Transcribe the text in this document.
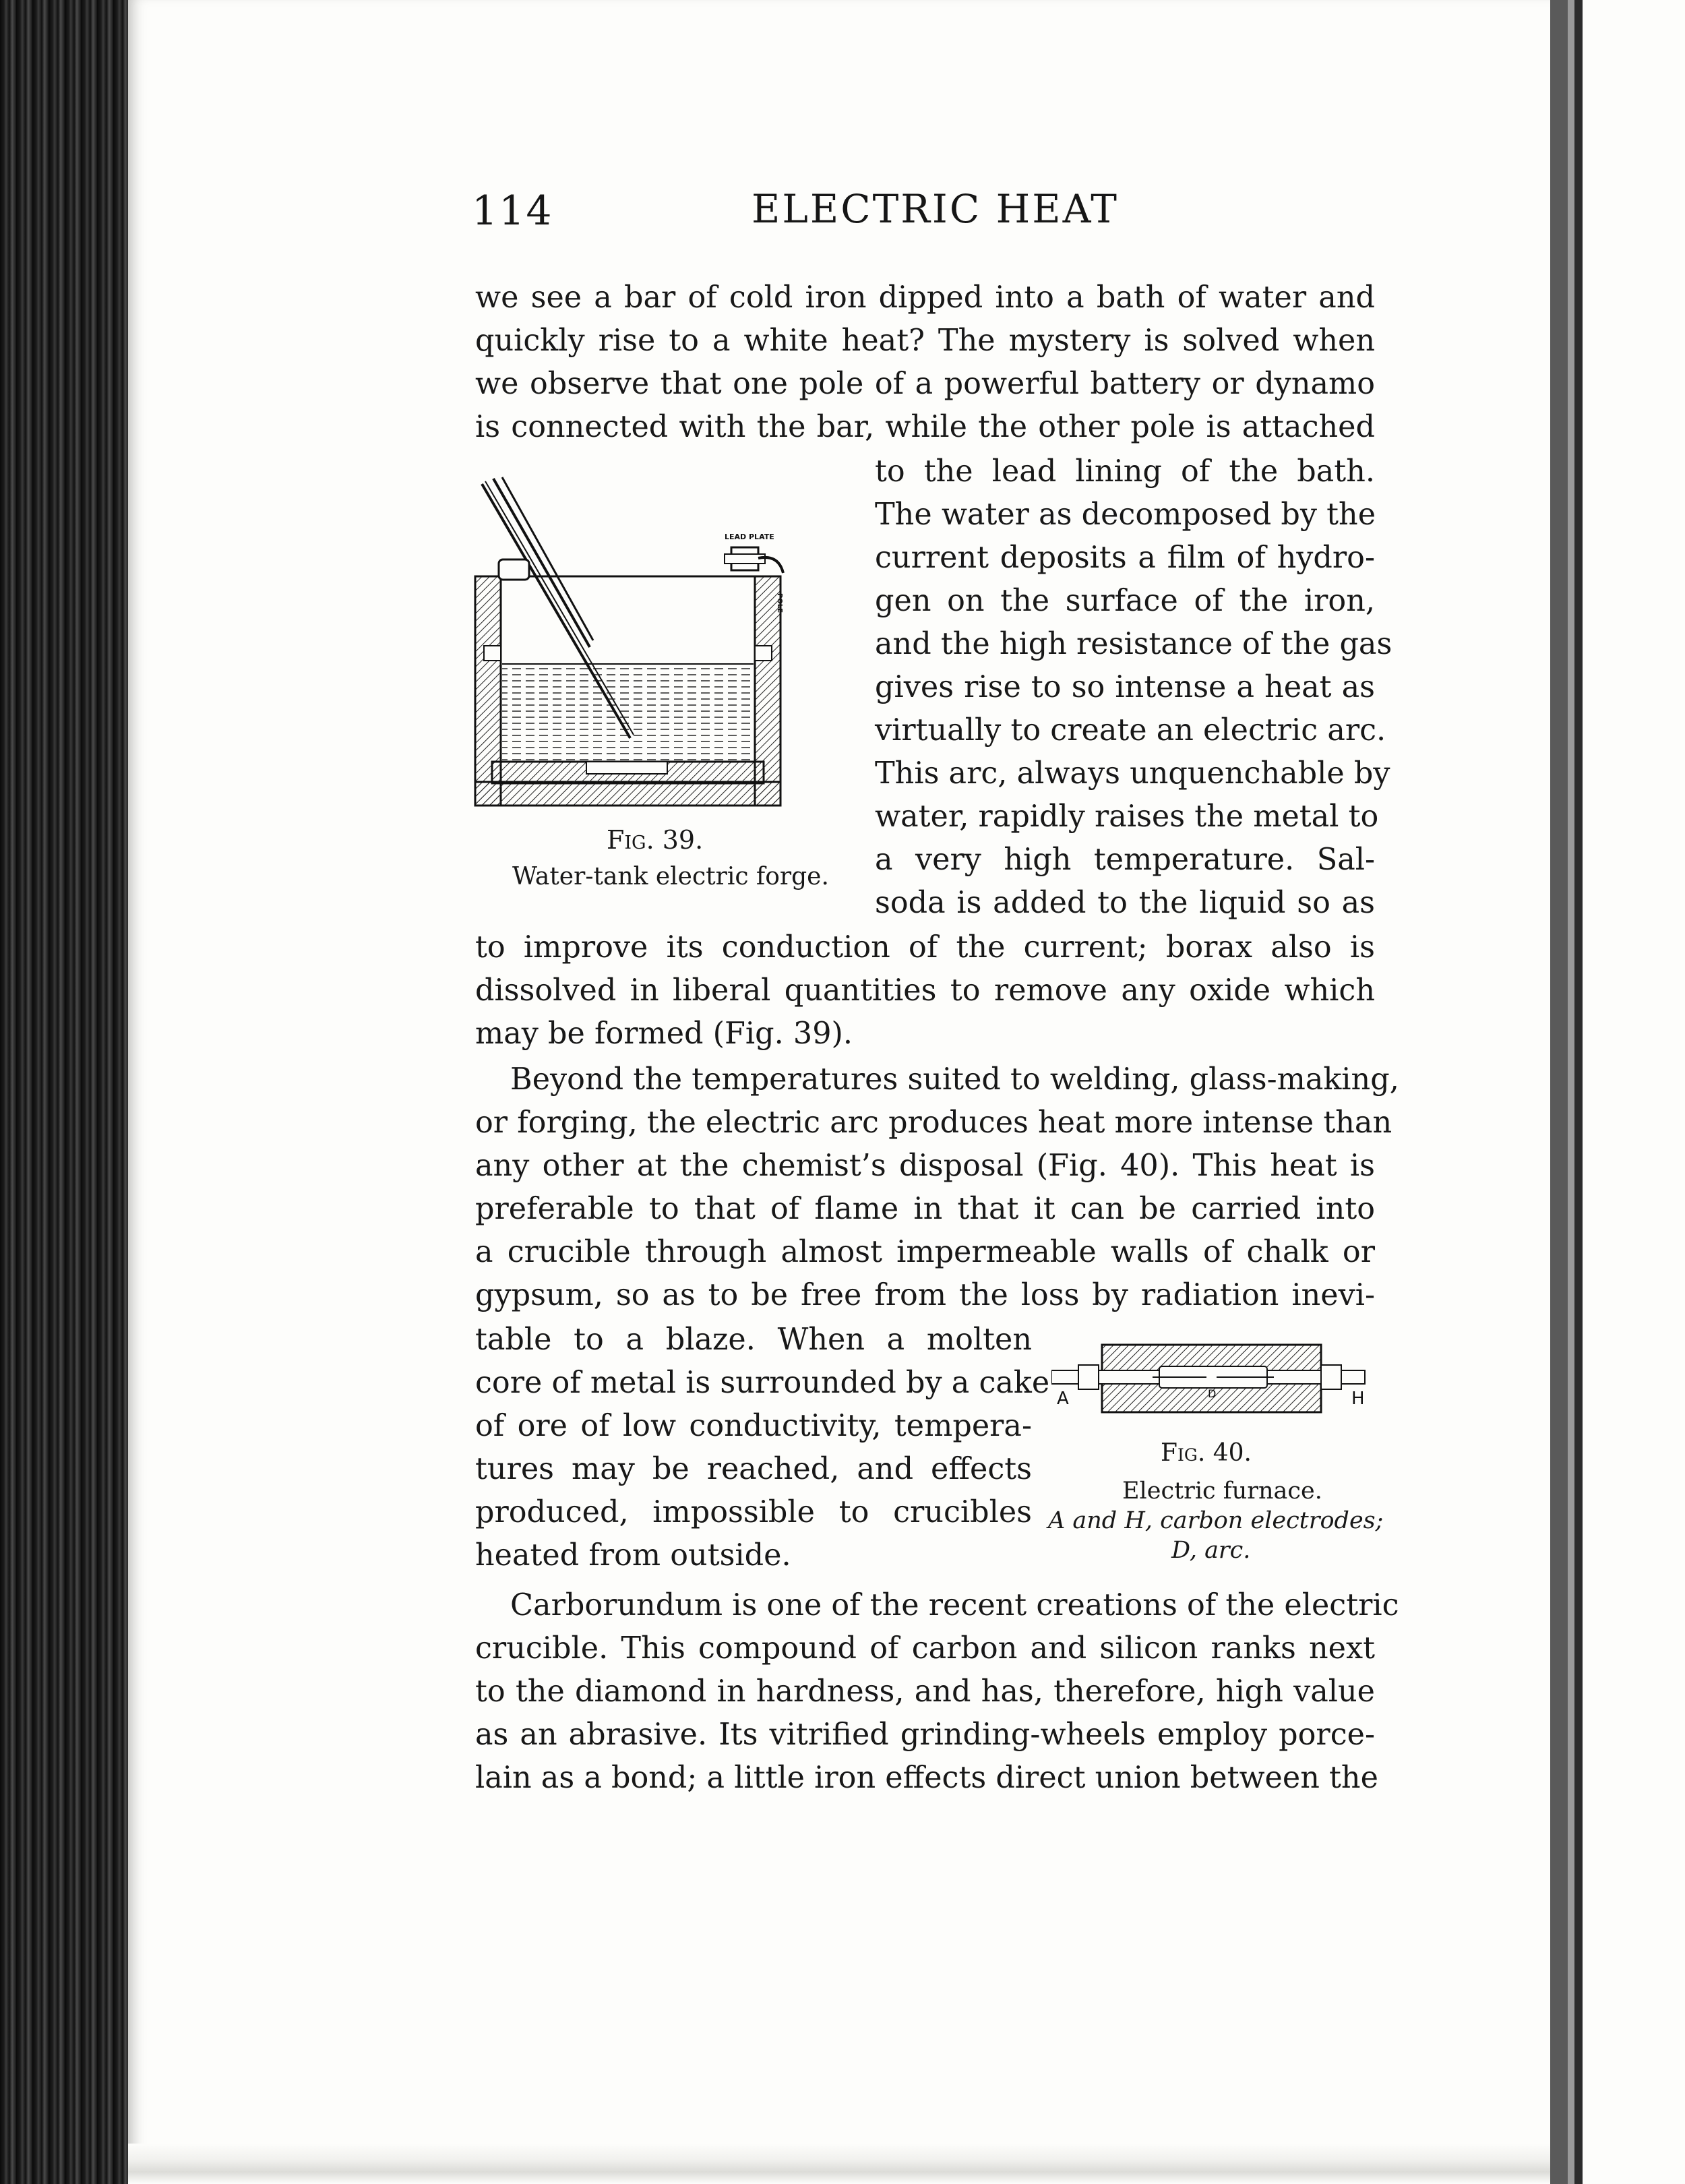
114	ELECTRIC HEAT
we see a bar of cold iron dipped into a bath of water and
quickly rise to a white heat? The mystery is solved when
we observe that one pole of a powerful battery or dynamo
is connected with the bar, while the other pole is attached
to the lead lining of the bath.
The water as decomposed by the
current deposits a film of hydro-
gen on the surface of the iron,
and the high resistance of the gas
gives rise to so intense a heat as
virtually to create an electric arc.
This arc, always unquenchable by
water, rapidly raises the metal to
a very high temperature. Sal-
soda is added to the liquid so as
to improve its conduction of the current; borax also is
dissolved in liberal quantities to remove any oxide which
may be formed (Fig. 39).
Beyond the temperatures suited to welding, glass-making,
or forging, the electric arc produces heat more intense than
any other at the chemist’s disposal (Fig. 40). This heat is
preferable to that of flame in that it can be carried into
a crucible through almost impermeable walls of chalk or
gypsum, so as to be free from the loss by radiation inevi-
table to a blaze. When a molten
core of metal is surrounded by a cake
of ore of low conductivity, tempera-
tures may be reached, and effects
produced, impossible to crucibles
heated from outside.
Carborundum is one of the recent creations of the electric
crucible. This compound of carbon and silicon ranks next
to the diamond in hardness, and has, therefore, high value
as an abrasive. Its vitrified grinding-wheels employ porce-
lain as a bond; a little iron effects direct union between the
LEAD PLATE
POLE
Fig. 39.
Water-tank electric forge.
A	D	H
Fig. 40.
Electric furnace.
A and H, carbon electrodes;
D, arc.
